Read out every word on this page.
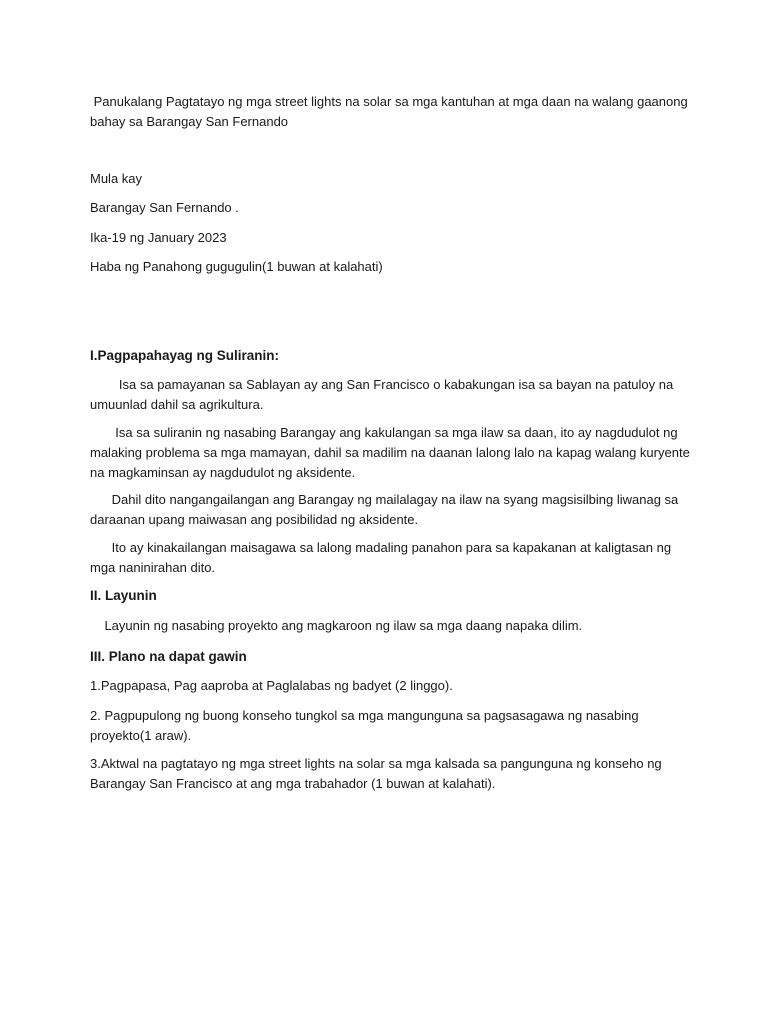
Panukalang Pagtatayo ng mga street lights na solar sa mga kantuhan at mga daan na walang gaanong bahay sa Barangay San Fernando
Mula kay
Barangay San Fernando .
Ika-19 ng January 2023
Haba ng Panahong gugugulin(1 buwan at kalahati)
I.Pagpapahayag ng Suliranin:
Isa sa pamayanan sa Sablayan ay ang San Francisco o kabakungan isa sa bayan na patuloy na umuunlad dahil sa agrikultura.
Isa sa suliranin ng nasabing Barangay ang kakulangan sa mga ilaw sa daan, ito ay nagdudulot ng malaking problema sa mga mamayan, dahil sa madilim na daanan lalong lalo na kapag walang kuryente na magkaminsan ay nagdudulot ng aksidente.
Dahil dito nangangailangan ang Barangay ng mailalagay na ilaw na syang magsisilbing liwanag sa daraanan upang maiwasan ang posibilidad ng aksidente.
Ito ay kinakailangan maisagawa sa lalong madaling panahon para sa kapakanan at kaligtasan ng mga naninirahan dito.
II. Layunin
Layunin ng nasabing proyekto ang magkaroon ng ilaw sa mga daang napaka dilim.
III. Plano na dapat gawin
1.Pagpapasa, Pag aaproba at Paglalabas ng badyet (2 linggo).
2. Pagpupulong ng buong konseho tungkol sa mga mangunguna sa pagsasagawa ng nasabing proyekto(1 araw).
3.Aktwal na pagtatayo ng mga street lights na solar sa mga kalsada sa pangunguna ng konseho ng Barangay San Francisco at ang mga trabahador (1 buwan at kalahati).
